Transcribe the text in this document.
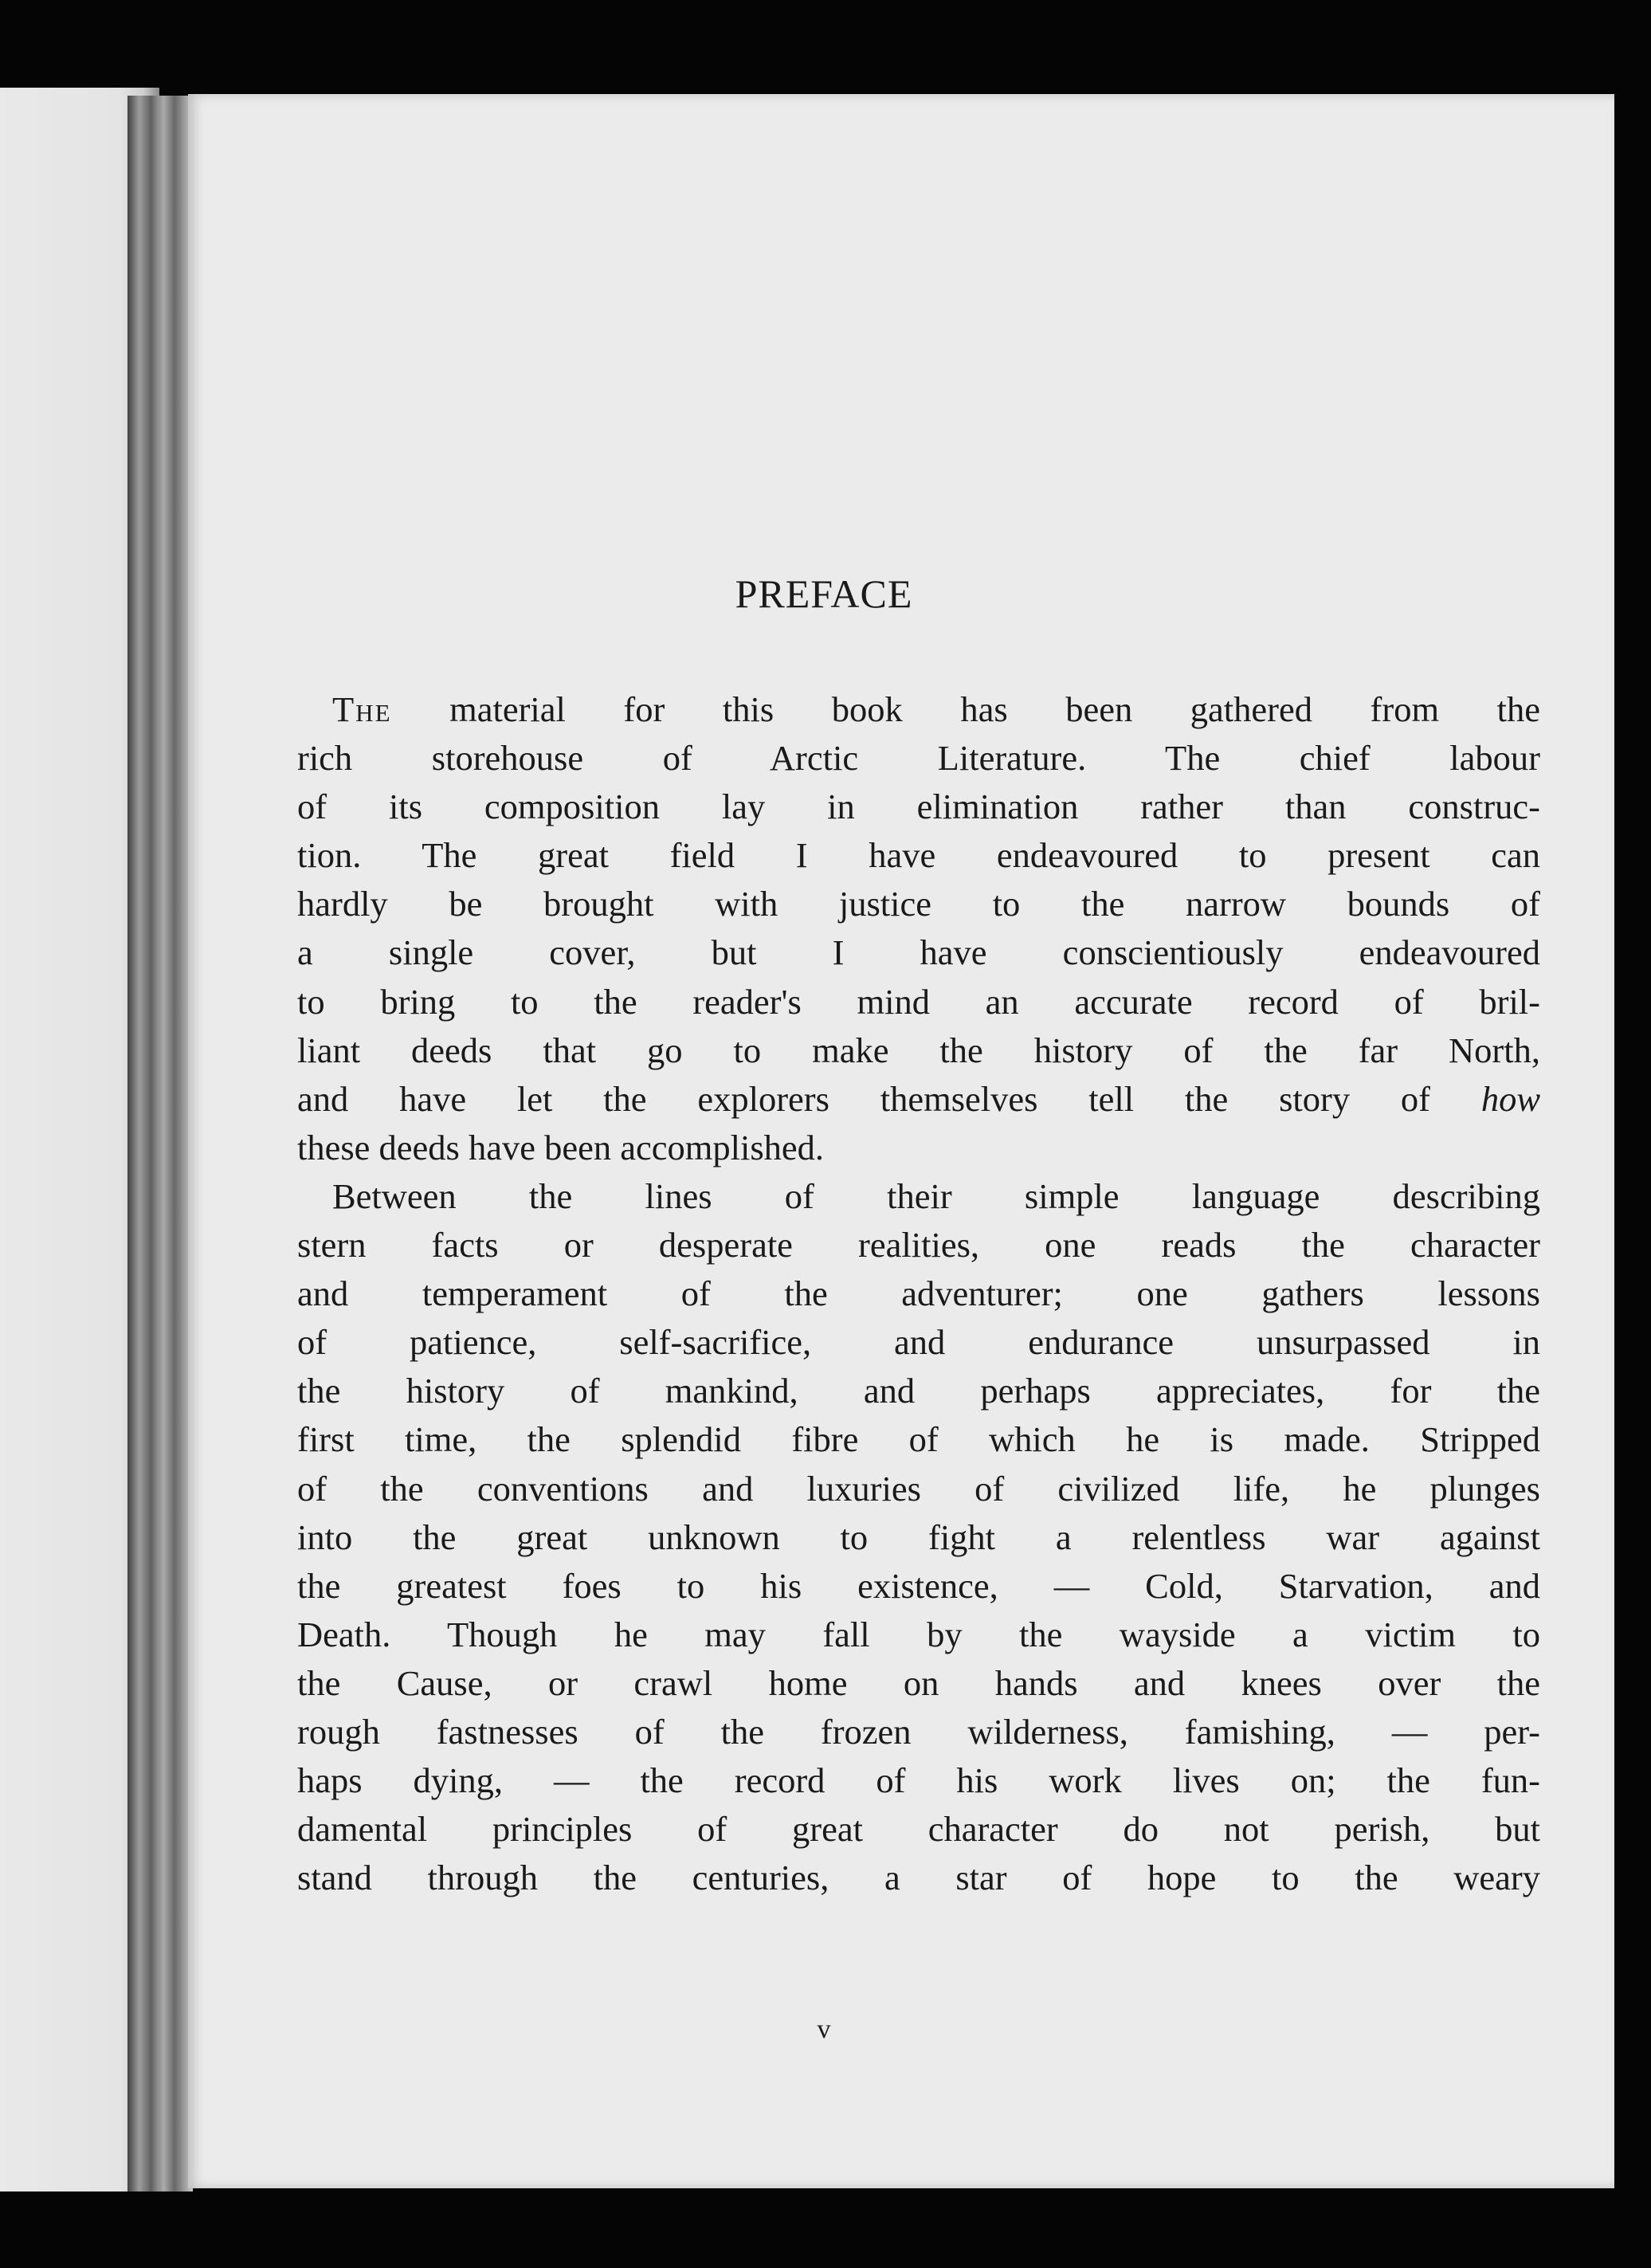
PREFACE
The material for this book has been gathered from the
rich storehouse of Arctic Literature. The chief labour
of its composition lay in elimination rather than construc-
tion. The great field I have endeavoured to present can
hardly be brought with justice to the narrow bounds of
a single cover, but I have conscientiously endeavoured
to bring to the reader's mind an accurate record of bril-
liant deeds that go to make the history of the far North,
and have let the explorers themselves tell the story of how
these deeds have been accomplished.
Between the lines of their simple language describing
stern facts or desperate realities, one reads the character
and temperament of the adventurer; one gathers lessons
of patience, self-sacrifice, and endurance unsurpassed in
the history of mankind, and perhaps appreciates, for the
first time, the splendid fibre of which he is made. Stripped
of the conventions and luxuries of civilized life, he plunges
into the great unknown to fight a relentless war against
the greatest foes to his existence, — Cold, Starvation, and
Death. Though he may fall by the wayside a victim to
the Cause, or crawl home on hands and knees over the
rough fastnesses of the frozen wilderness, famishing, — per-
haps dying, — the record of his work lives on; the fun-
damental principles of great character do not perish, but
stand through the centuries, a star of hope to the weary
v
